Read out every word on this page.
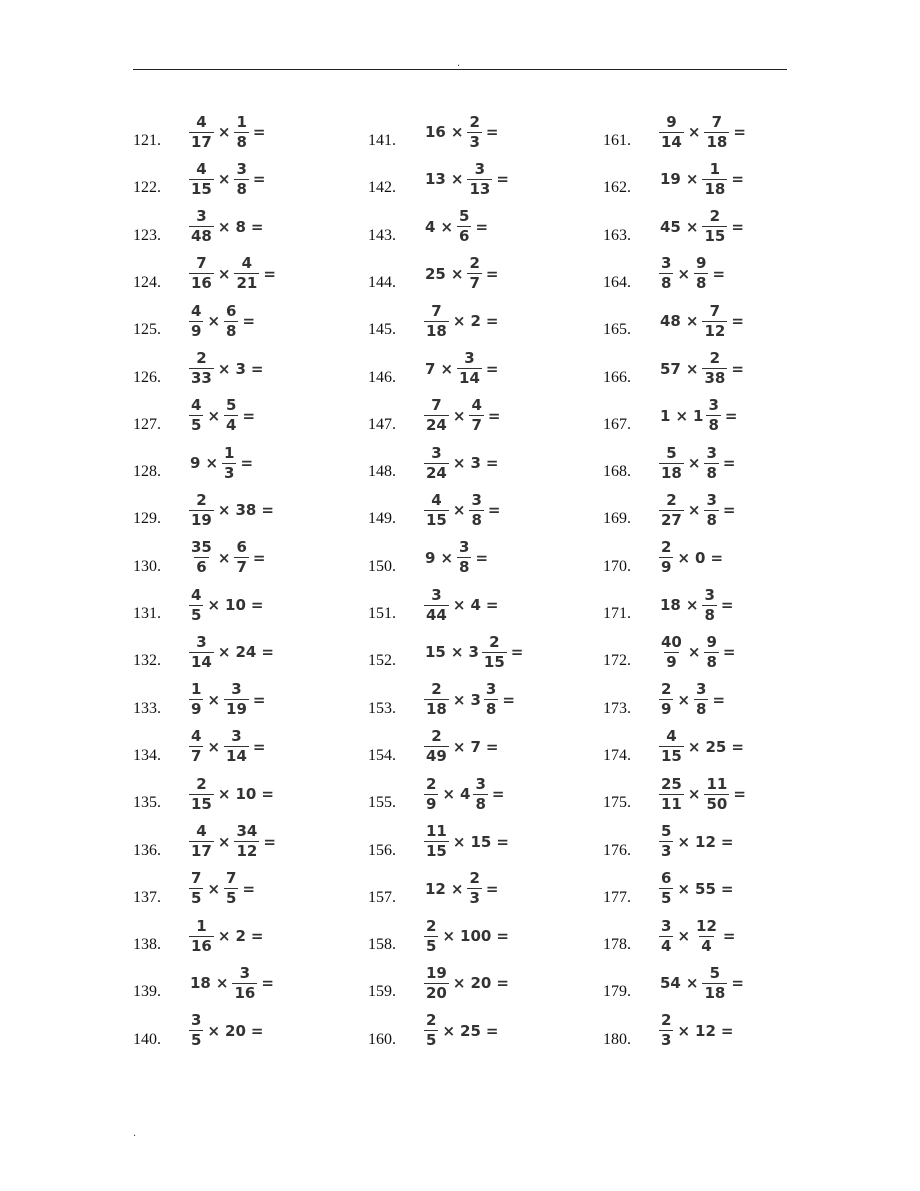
.
121. $\frac{4}{17} \times \frac{1}{8}$ =
122. $\frac{4}{15} \times \frac{3}{8}$ =
123. $\frac{3}{48} \times 8$ =
124. $\frac{7}{16} \times \frac{4}{21}$ =
125. $\frac{4}{9} \times \frac{6}{8}$ =
126. $\frac{2}{33} \times 3$ =
127. $\frac{4}{5} \times \frac{5}{4}$ =
128. $9 \times \frac{1}{3}$ =
129. $\frac{2}{19} \times 38$ =
130. $\frac{35}{6} \times \frac{6}{7}$ =
131. $\frac{4}{5} \times 10$ =
132. $\frac{3}{14} \times 24$ =
133. $\frac{1}{9} \times \frac{3}{19}$ =
134. $\frac{4}{7} \times \frac{3}{14}$ =
135. $\frac{2}{15} \times 10$ =
136. $\frac{4}{17} \times \frac{34}{12}$ =
137. $\frac{7}{5} \times \frac{7}{5}$ =
138. $\frac{1}{16} \times 2$ =
139. $18 \times \frac{3}{16}$ =
140. $\frac{3}{5} \times 20$ =
141. $16 \times \frac{2}{3}$ =
142. $13 \times \frac{3}{13}$ =
143. $4 \times \frac{5}{6}$ =
144. $25 \times \frac{2}{7}$ =
145. $\frac{7}{18} \times 2$ =
146. $7 \times \frac{3}{14}$ =
147. $\frac{7}{24} \times \frac{4}{7}$ =
148. $\frac{3}{24} \times 3$ =
149. $\frac{4}{15} \times \frac{3}{8}$ =
150. $9 \times \frac{3}{8}$ =
151. $\frac{3}{44} \times 4$ =
152. $15 \times 3 \frac{2}{15}$ =
153. $\frac{2}{18} \times 3 \frac{3}{8}$ =
154. $\frac{2}{49} \times 7$ =
155. $\frac{2}{9} \times 4 \frac{3}{8}$ =
156. $\frac{11}{15} \times 15$ =
157. $12 \times \frac{2}{3}$ =
158. $\frac{2}{5} \times 100$ =
159. $\frac{19}{20} \times 20$ =
160. $\frac{2}{5} \times 25$ =
161. $\frac{9}{14} \times \frac{7}{18}$ =
162. $19 \times \frac{1}{18}$ =
163. $45 \times \frac{2}{15}$ =
164. $\frac{3}{8} \times \frac{9}{8}$ =
165. $48 \times \frac{7}{12}$ =
166. $57 \times \frac{2}{38}$ =
167. $1 \times 1 \frac{3}{8}$ =
168. $\frac{5}{18} \times \frac{3}{8}$ =
169. $\frac{2}{27} \times \frac{3}{8}$ =
170. $\frac{2}{9} \times 0$ =
171. $18 \times \frac{3}{8}$ =
172. $\frac{40}{9} \times \frac{9}{8}$ =
173. $\frac{2}{9} \times \frac{3}{8}$ =
174. $\frac{4}{15} \times 25$ =
175. $\frac{25}{11} \times \frac{11}{50}$ =
176. $\frac{5}{3} \times 12$ =
177. $\frac{6}{5} \times 55$ =
178. $\frac{3}{4} \times \frac{12}{4}$ =
179. $54 \times \frac{5}{18}$ =
180. $\frac{2}{3} \times 12$ =
.
